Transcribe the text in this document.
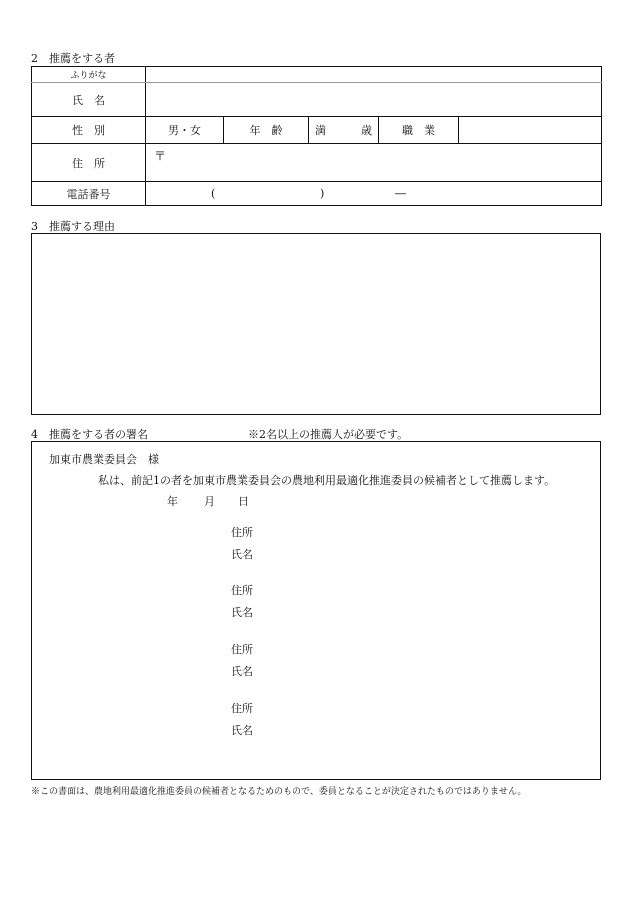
2　推薦をする者
ふりがな					
氏　名					
性　別	男・女	年　齢	満 歳	職　業	
住　所	〒				

電話番号	( ) ―				
3　推薦する理由
4　推薦をする者の署名	※2名以上の推薦人が必要です。
加東市農業委員会　様
私は、前記1の者を加東市農業委員会の農地利用最適化推進委員の候補者として推薦します。
年 月 日
住所
氏名
住所
氏名
住所
氏名
住所
氏名
※この書面は、農地利用最適化推進委員の候補者となるためのもので、委員となることが決定されたものではありません。
